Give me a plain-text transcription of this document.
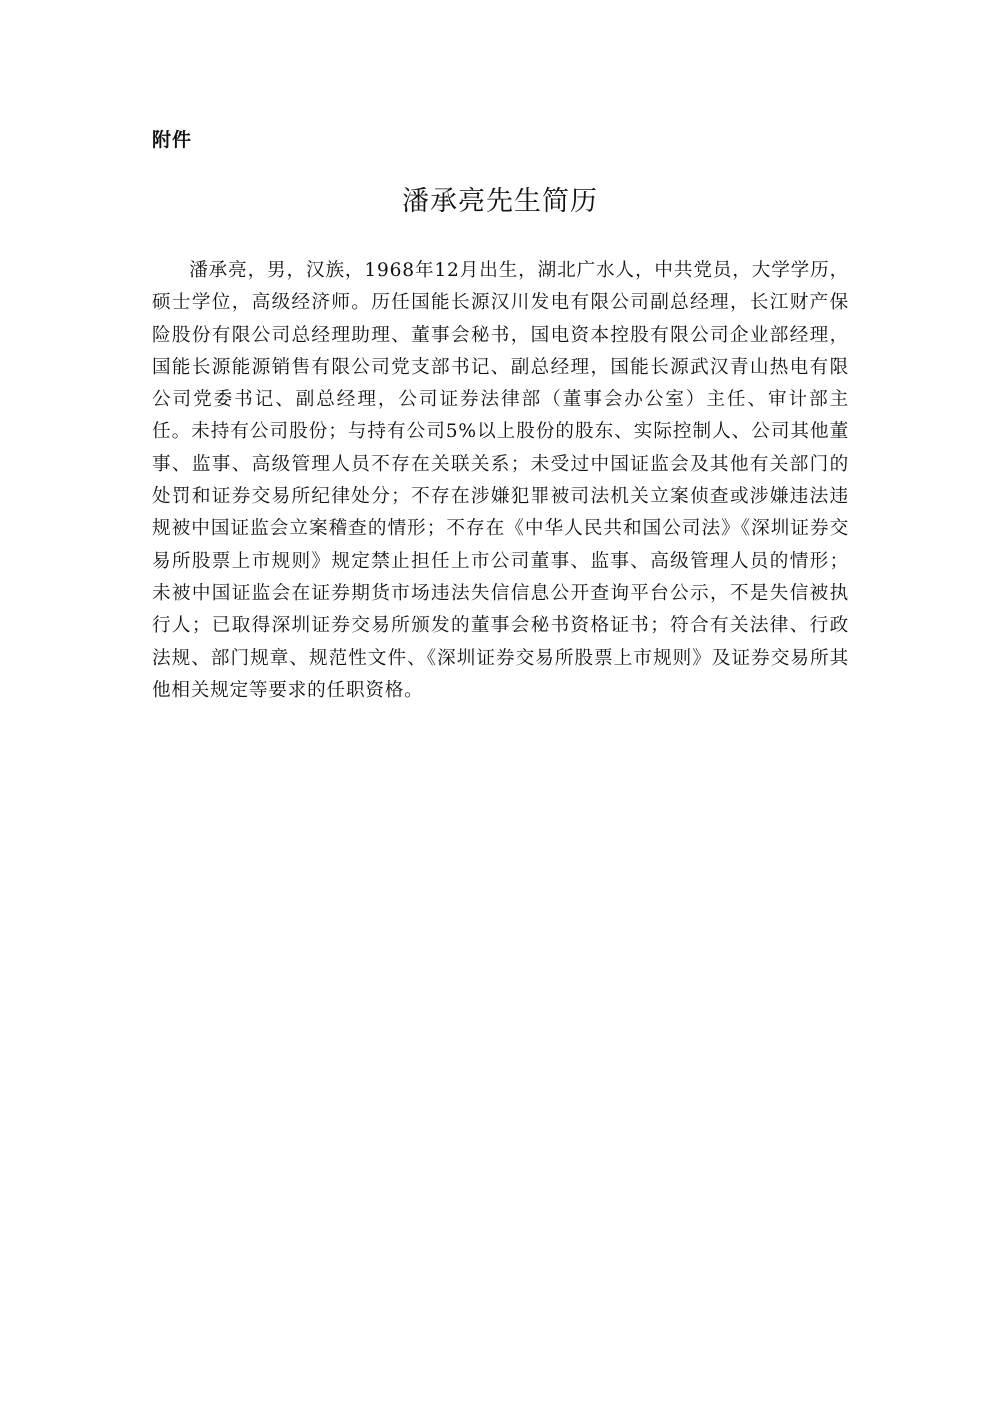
附件
潘承亮先生简历

潘承亮，男，汉族，1968年12月出生，湖北广水人，中共党员，大学学历，硕士学位，高级经济师。历任国能长源汉川发电有限公司副总经理，长江财产保险股份有限公司总经理助理、董事会秘书，国电资本控股有限公司企业部经理，国能长源能源销售有限公司党支部书记、副总经理，国能长源武汉青山热电有限公司党委书记、副总经理，公司证券法律部（董事会办公室）主任、审计部主任。未持有公司股份；与持有公司5%以上股份的股东、实际控制人、公司其他董事、监事、高级管理人员不存在关联关系；未受过中国证监会及其他有关部门的处罚和证券交易所纪律处分；不存在涉嫌犯罪被司法机关立案侦查或涉嫌违法违规被中国证监会立案稽查的情形；不存在《中华人民共和国公司法》《深圳证券交易所股票上市规则》规定禁止担任上市公司董事、监事、高级管理人员的情形；未被中国证监会在证券期货市场违法失信信息公开查询平台公示，不是失信被执行人；已取得深圳证券交易所颁发的董事会秘书资格证书；符合有关法律、行政法规、部门规章、规范性文件、《深圳证券交易所股票上市规则》及证券交易所其他相关规定等要求的任职资格。
